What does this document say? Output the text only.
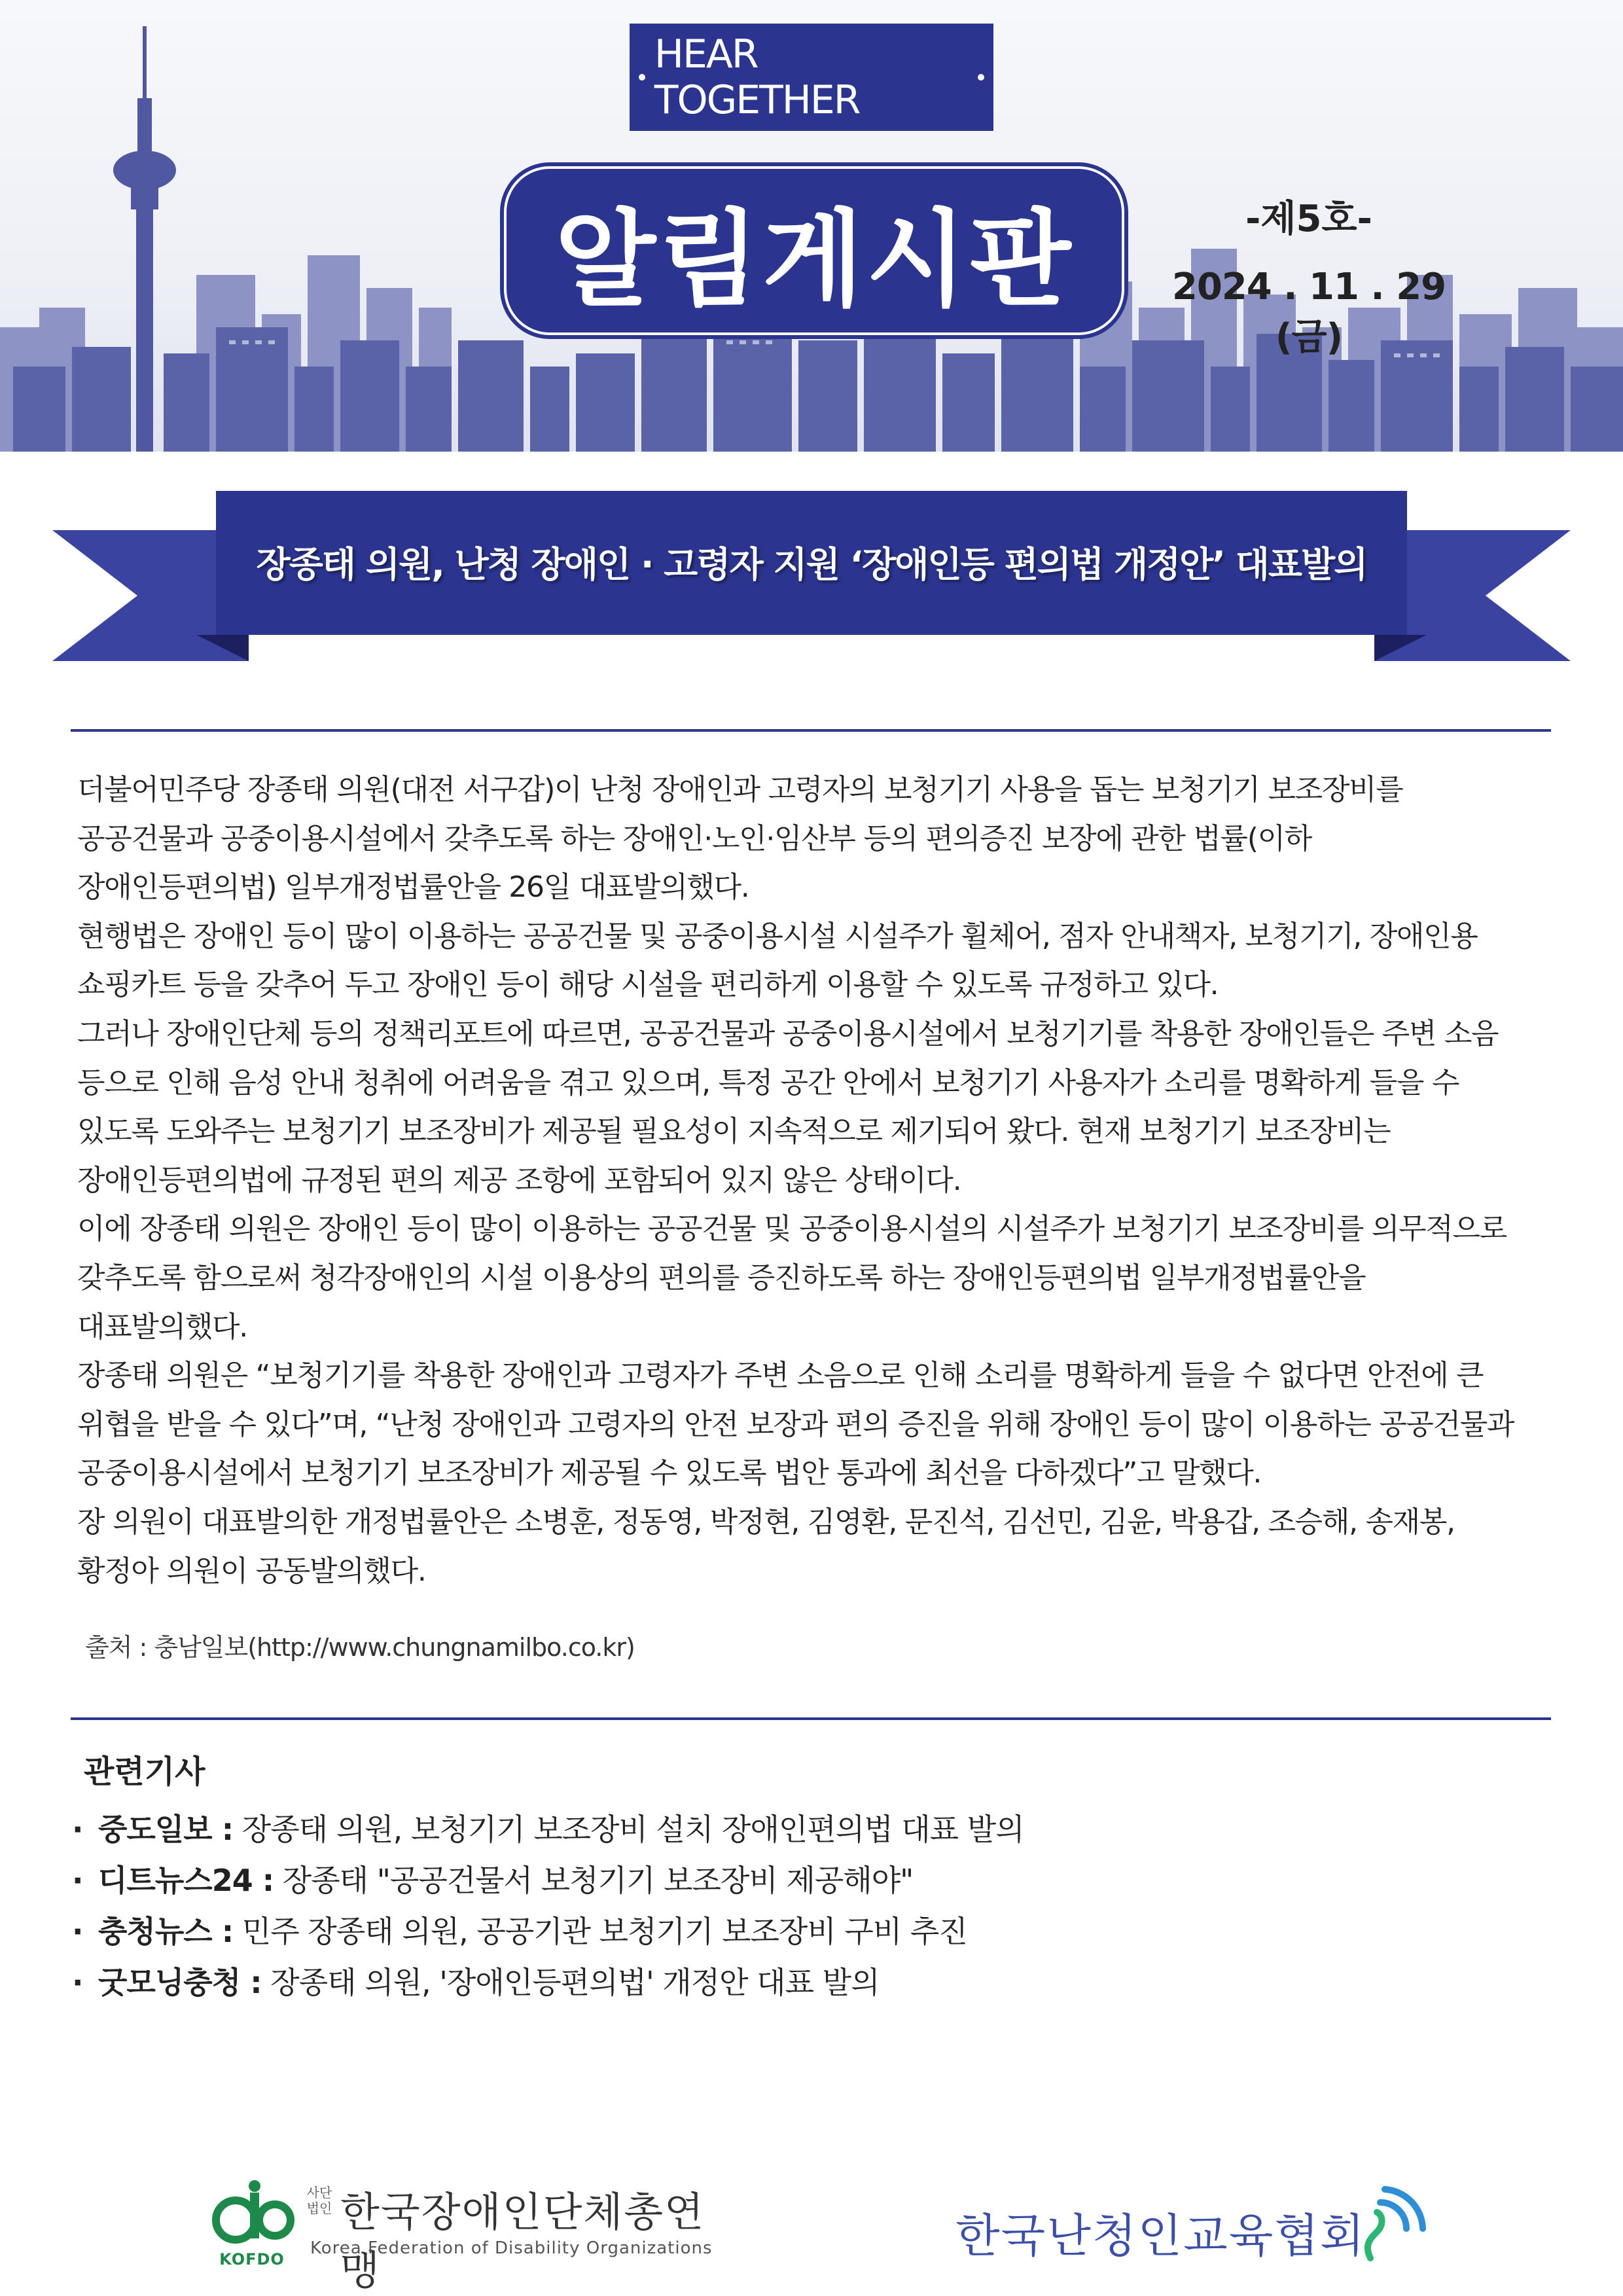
HEAR TOGETHER
알림게시판	-제5호-
2024 . 11 . 29 (금)
장종태 의원, 난청 장애인 · 고령자 지원 ‘장애인등 편의법 개정안’ 대표발의

더불어민주당 장종태 의원(대전 서구갑)이 난청 장애인과 고령자의 보청기기 사용을 돕는 보청기기 보조장비를

공공건물과 공중이용시설에서 갖추도록 하는 장애인·노인·임산부 등의 편의증진 보장에 관한 법률(이하

장애인등편의법) 일부개정법률안을 26일 대표발의했다.

현행법은 장애인 등이 많이 이용하는 공공건물 및 공중이용시설 시설주가 휠체어, 점자 안내책자, 보청기기, 장애인용

쇼핑카트 등을 갖추어 두고 장애인 등이 해당 시설을 편리하게 이용할 수 있도록 규정하고 있다.

그러나 장애인단체 등의 정책리포트에 따르면, 공공건물과 공중이용시설에서 보청기기를 착용한 장애인들은 주변 소음

등으로 인해 음성 안내 청취에 어려움을 겪고 있으며, 특정 공간 안에서 보청기기 사용자가 소리를 명확하게 들을 수

있도록 도와주는 보청기기 보조장비가 제공될 필요성이 지속적으로 제기되어 왔다. 현재 보청기기 보조장비는

장애인등편의법에 규정된 편의 제공 조항에 포함되어 있지 않은 상태이다.

이에 장종태 의원은 장애인 등이 많이 이용하는 공공건물 및 공중이용시설의 시설주가 보청기기 보조장비를 의무적으로

갖추도록 함으로써 청각장애인의 시설 이용상의 편의를 증진하도록 하는 장애인등편의법 일부개정법률안을

대표발의했다.

장종태 의원은 “보청기기를 착용한 장애인과 고령자가 주변 소음으로 인해 소리를 명확하게 들을 수 없다면 안전에 큰

위협을 받을 수 있다”며, “난청 장애인과 고령자의 안전 보장과 편의 증진을 위해 장애인 등이 많이 이용하는 공공건물과

공중이용시설에서 보청기기 보조장비가 제공될 수 있도록 법안 통과에 최선을 다하겠다”고 말했다.

장 의원이 대표발의한 개정법률안은 소병훈, 정동영, 박정현, 김영환, 문진석, 김선민, 김윤, 박용갑, 조승해, 송재봉,

황정아 의원이 공동발의했다.

출처 : 충남일보(http://www.chungnamilbo.co.kr)
관련기사
· 중도일보 : 장종태 의원, 보청기기 보조장비 설치 장애인편의법 대표 발의
· 디트뉴스24 : 장종태 "공공건물서 보청기기 보조장비 제공해야"
· 충청뉴스 : 민주 장종태 의원, 공공기관 보청기기 보조장비 구비 추진
· 굿모닝충청 : 장종태 의원, '장애인등편의법' 개정안 대표 발의
KOFDO
사단법인 한국장애인단체총연맹
Korea Federation of Disability Organizations	한국난청인교육협회
